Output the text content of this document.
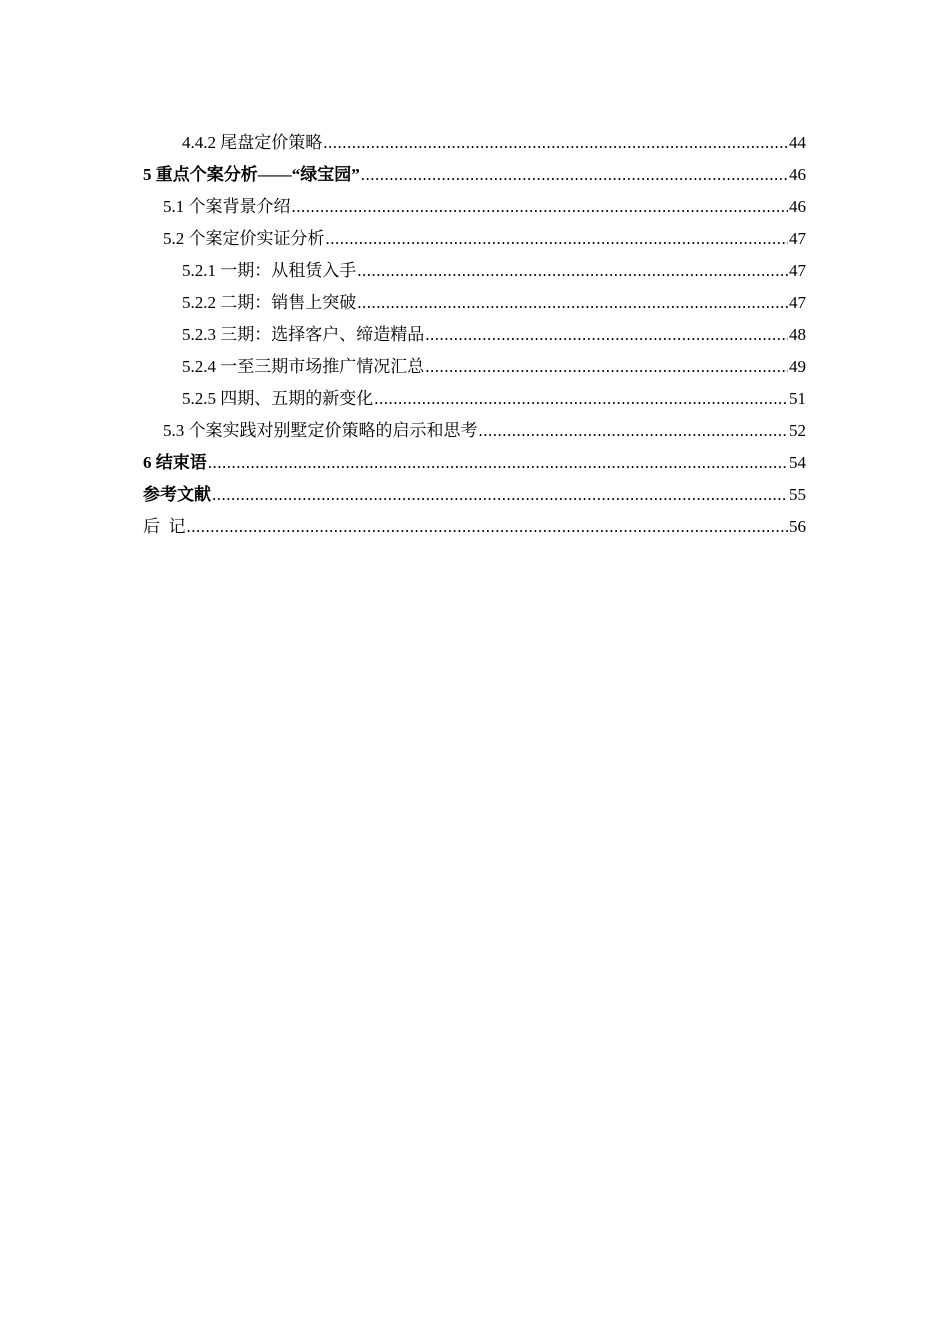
4.4.2 尾盘定价策略 .....	44
5 重点个案分析——“绿宝园” .....	46
5.1 个案背景介绍 .....	46
5.2 个案定价实证分析 .....	47
5.2.1 一期：从租赁入手 .....	47
5.2.2 二期：销售上突破 .....	47
5.2.3 三期：选择客户、缔造精品 .....	48
5.2.4 一至三期市场推广情况汇总 .....	49
5.2.5 四期、五期的新变化 .....	51
5.3 个案实践对别墅定价策略的启示和思考 .....	52
6 结束语 .....	54
参考文献 .....	55
后  记 .....	56
